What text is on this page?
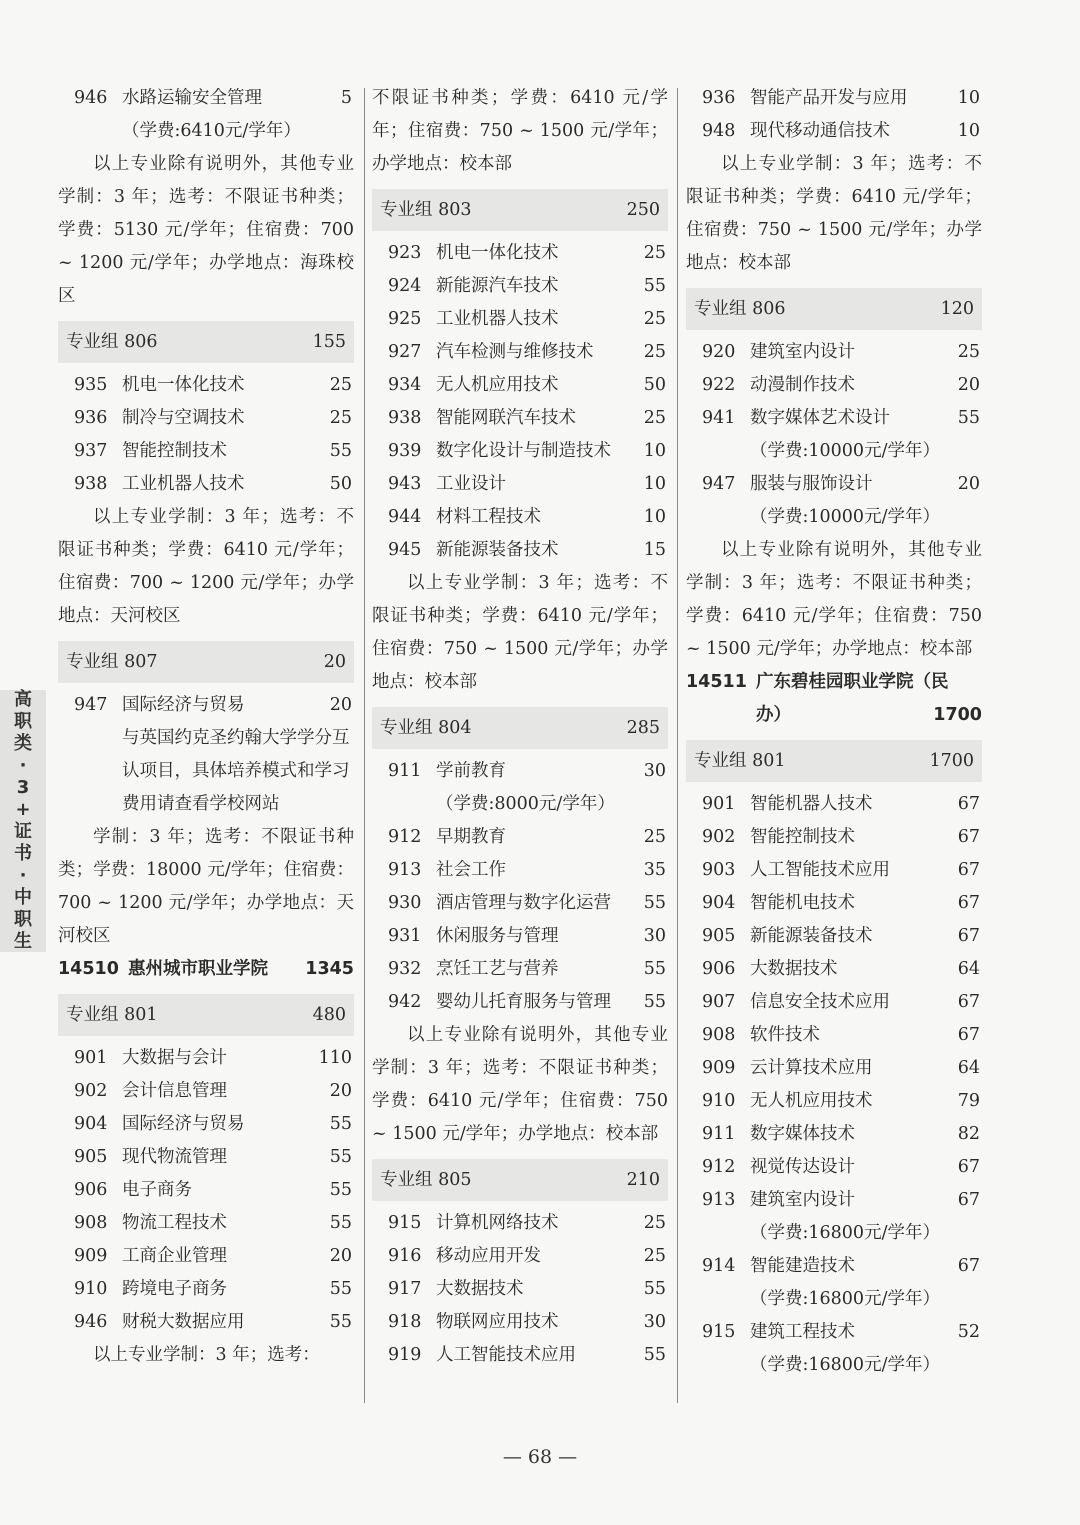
高
职
类
·
3
+
证
书
·
中
职
生
946 水路运输安全管理	5
（学费:6410元/学年）

以上专业除有说明外，其他专业学制：3 年；选考：不限证书种类；学费：5130 元/学年；住宿费：700 ~ 1200 元/学年；办学地点：海珠校区

专业组 806	155
935 机电一体化技术	25
936 制冷与空调技术	25
937 智能控制技术	55
938 工业机器人技术	50

以上专业学制：3 年；选考：不限证书种类；学费：6410 元/学年；住宿费：700 ~ 1200 元/学年；办学地点：天河校区

专业组 807	20
947 国际经济与贸易	20
与英国约克圣约翰大学学分互认项目，具体培养模式和学习费用请查看学校网站

学制：3 年；选考：不限证书种类；学费：18000 元/学年；住宿费：700 ~ 1200 元/学年；办学地点：天河校区

14510 惠州城市职业学院	1345
专业组 801	480
901 大数据与会计	110
902 会计信息管理	20
904 国际经济与贸易	55
905 现代物流管理	55
906 电子商务	55
908 物流工程技术	55
909 工商企业管理	20
910 跨境电子商务	55
946 财税大数据应用	55

以上专业学制：3 年；选考：

不限证书种类；学费：6410 元/学年；住宿费：750 ~ 1500 元/学年；办学地点：校本部

专业组 803	250
923 机电一体化技术	25
924 新能源汽车技术	55
925 工业机器人技术	25
927 汽车检测与维修技术	25
934 无人机应用技术	50
938 智能网联汽车技术	25
939 数字化设计与制造技术	10
943 工业设计	10
944 材料工程技术	10
945 新能源装备技术	15

以上专业学制：3 年；选考：不限证书种类；学费：6410 元/学年；住宿费：750 ~ 1500 元/学年；办学地点：校本部

专业组 804	285
911 学前教育	30
（学费:8000元/学年）
912 早期教育	25
913 社会工作	35
930 酒店管理与数字化运营	55
931 休闲服务与管理	30
932 烹饪工艺与营养	55
942 婴幼儿托育服务与管理	55

以上专业除有说明外，其他专业学制：3 年；选考：不限证书种类；学费：6410 元/学年；住宿费：750 ~ 1500 元/学年；办学地点：校本部

专业组 805	210
915 计算机网络技术	25
916 移动应用开发	25
917 大数据技术	55
918 物联网应用技术	30
919 人工智能技术应用	55
936 智能产品开发与应用	10
948 现代移动通信技术	10

以上专业学制：3 年；选考：不限证书种类；学费：6410 元/学年；住宿费：750 ~ 1500 元/学年；办学地点：校本部

专业组 806	120
920 建筑室内设计	25
922 动漫制作技术	20
941 数字媒体艺术设计	55
（学费:10000元/学年）
947 服装与服饰设计	20
（学费:10000元/学年）

以上专业除有说明外，其他专业学制：3 年；选考：不限证书种类；学费：6410 元/学年；住宿费：750 ~ 1500 元/学年；办学地点：校本部

14511 广东碧桂园职业学院（民
办）	1700
专业组 801	1700
901 智能机器人技术	67
902 智能控制技术	67
903 人工智能技术应用	67
904 智能机电技术	67
905 新能源装备技术	67
906 大数据技术	64
907 信息安全技术应用	67
908 软件技术	67
909 云计算技术应用	64
910 无人机应用技术	79
911 数字媒体技术	82
912 视觉传达设计	67
913 建筑室内设计	67
（学费:16800元/学年）
914 智能建造技术	67
（学费:16800元/学年）
915 建筑工程技术	52
（学费:16800元/学年）
— 68 —
